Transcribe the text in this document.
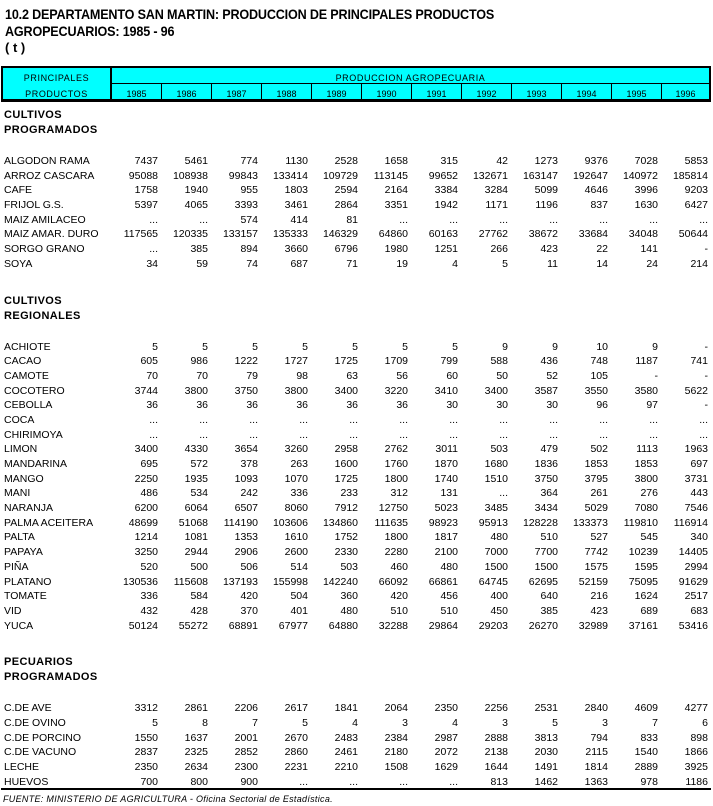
10.2 DEPARTAMENTO SAN MARTIN: PRODUCCION DE PRINCIPALES PRODUCTOS
AGROPECUARIOS: 1985 - 96
( t )
PRINCIPALES
PRODUCTOS
PRODUCCION AGROPECUARIA
1985	1986	1987	1988	1989	1990	1991	1992	1993	1994	1995	1996
CULTIVOS
PROGRAMADOS
ALGODON RAMA	7437	5461	774	1130	2528	1658	315	42	1273	9376	7028	5853
ARROZ CASCARA	95088	108938	99843	133414	109729	113145	99652	132671	163147	192647	140972	185814
CAFE	1758	1940	955	1803	2594	2164	3384	3284	5099	4646	3996	9203
FRIJOL G.S.	5397	4065	3393	3461	2864	3351	1942	1171	1196	837	1630	6427
MAIZ AMILACEO	...	...	574	414	81	...	...	...	...	...	...	...
MAIZ AMAR. DURO	117565	120335	133157	135333	146329	64860	60163	27762	38672	33684	34048	50644
SORGO GRANO	...	385	894	3660	6796	1980	1251	266	423	22	141	-
SOYA	34	59	74	687	71	19	4	5	11	14	24	214
CULTIVOS
REGIONALES
ACHIOTE	5	5	5	5	5	5	5	9	9	10	9	-
CACAO	605	986	1222	1727	1725	1709	799	588	436	748	1187	741
CAMOTE	70	70	79	98	63	56	60	50	52	105	-	-
COCOTERO	3744	3800	3750	3800	3400	3220	3410	3400	3587	3550	3580	5622
CEBOLLA	36	36	36	36	36	36	30	30	30	96	97	-
COCA	...	...	...	...	...	...	...	...	...	...	...	...
CHIRIMOYA	...	...	...	...	...	...	...	...	...	...	...	...
LIMON	3400	4330	3654	3260	2958	2762	3011	503	479	502	1113	1963
MANDARINA	695	572	378	263	1600	1760	1870	1680	1836	1853	1853	697
MANGO	2250	1935	1093	1070	1725	1800	1740	1510	3750	3795	3800	3731
MANI	486	534	242	336	233	312	131	...	364	261	276	443
NARANJA	6200	6064	6507	8060	7912	12750	5023	3485	3434	5029	7080	7546
PALMA ACEITERA	48699	51068	114190	103606	134860	111635	98923	95913	128228	133373	119810	116914
PALTA	1214	1081	1353	1610	1752	1800	1817	480	510	527	545	340
PAPAYA	3250	2944	2906	2600	2330	2280	2100	7000	7700	7742	10239	14405
PIÑA	520	500	506	514	503	460	480	1500	1500	1575	1595	2994
PLATANO	130536	115608	137193	155998	142240	66092	66861	64745	62695	52159	75095	91629
TOMATE	336	584	420	504	360	420	456	400	640	216	1624	2517
VID	432	428	370	401	480	510	510	450	385	423	689	683
YUCA	50124	55272	68891	67977	64880	32288	29864	29203	26270	32989	37161	53416
PECUARIOS
PROGRAMADOS
C.DE AVE	3312	2861	2206	2617	1841	2064	2350	2256	2531	2840	4609	4277
C.DE OVINO	5	8	7	5	4	3	4	3	5	3	7	6
C.DE PORCINO	1550	1637	2001	2670	2483	2384	2987	2888	3813	794	833	898
C.DE VACUNO	2837	2325	2852	2860	2461	2180	2072	2138	2030	2115	1540	1866
LECHE	2350	2634	2300	2231	2210	1508	1629	1644	1491	1814	2889	3925
HUEVOS	700	800	900	...	...	...	...	813	1462	1363	978	1186
FUENTE: MINISTERIO DE AGRICULTURA - Oficina Sectorial de Estadística.
